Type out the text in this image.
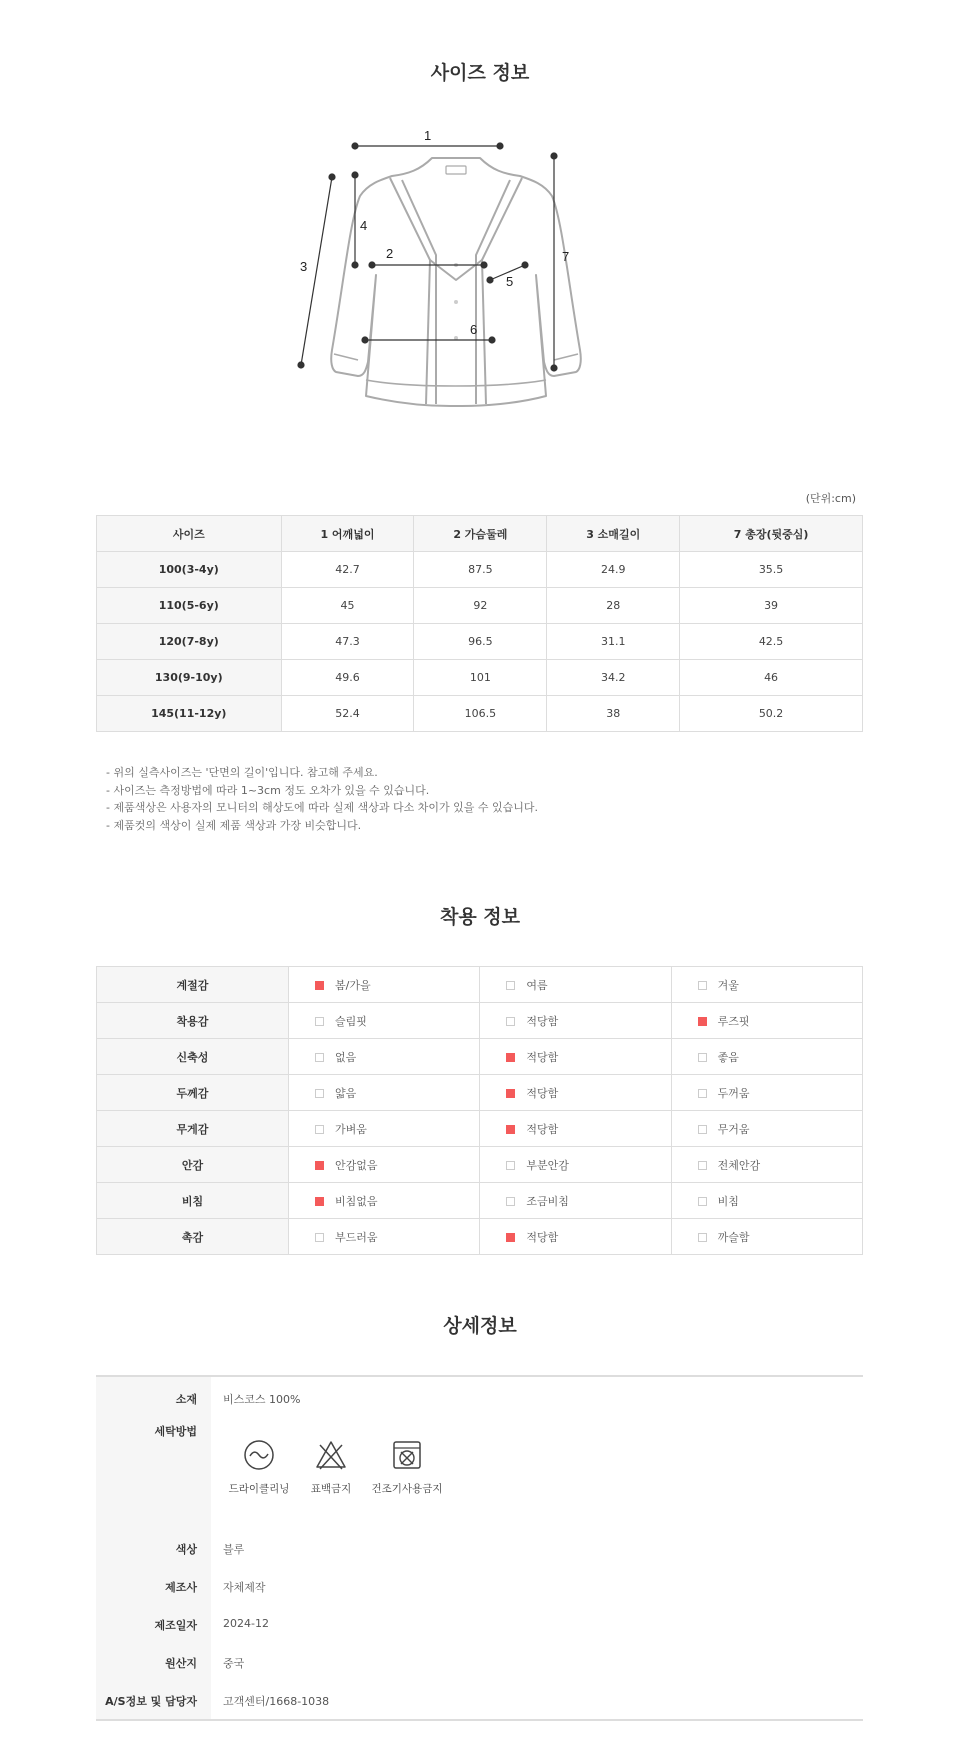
사이즈 정보
1
2
3
4
5
6
7
(단위:cm)
사이즈	1 어깨넓이	2 가슴둘레	3 소매길이	7 총장(뒷중심)
100(3-4y)	42.7	87.5	24.9	35.5
110(5-6y)	45	92	28	39
120(7-8y)	47.3	96.5	31.1	42.5
130(9-10y)	49.6	101	34.2	46
145(11-12y)	52.4	106.5	38	50.2
- 위의 실측사이즈는 '단면의 길이'입니다. 참고해 주세요.
- 사이즈는 측정방법에 따라 1~3cm 정도 오차가 있을 수 있습니다.
- 제품색상은 사용자의 모니터의 해상도에 따라 실제 색상과 다소 차이가 있을 수 있습니다.
- 제품컷의 색상이 실제 제품 색상과 가장 비슷합니다.
착용 정보
계절감	봄/가을	여름	겨울
착용감	슬림핏	적당함	루즈핏
신축성	없음	적당함	좋음
두께감	얇음	적당함	두꺼움
무게감	가벼움	적당함	무거움
안감	안감없음	부분안감	전체안감
비침	비침없음	조금비침	비침
촉감	부드러움	적당함	까슬함
상세정보
소재	비스코스 100%
세탁방법
드라이클리닝	표백금지	건조기사용금지
색상	블루
제조사	자체제작
제조일자	2024-12
원산지	중국
A/S정보 및 담당자	고객센터/1668-1038
